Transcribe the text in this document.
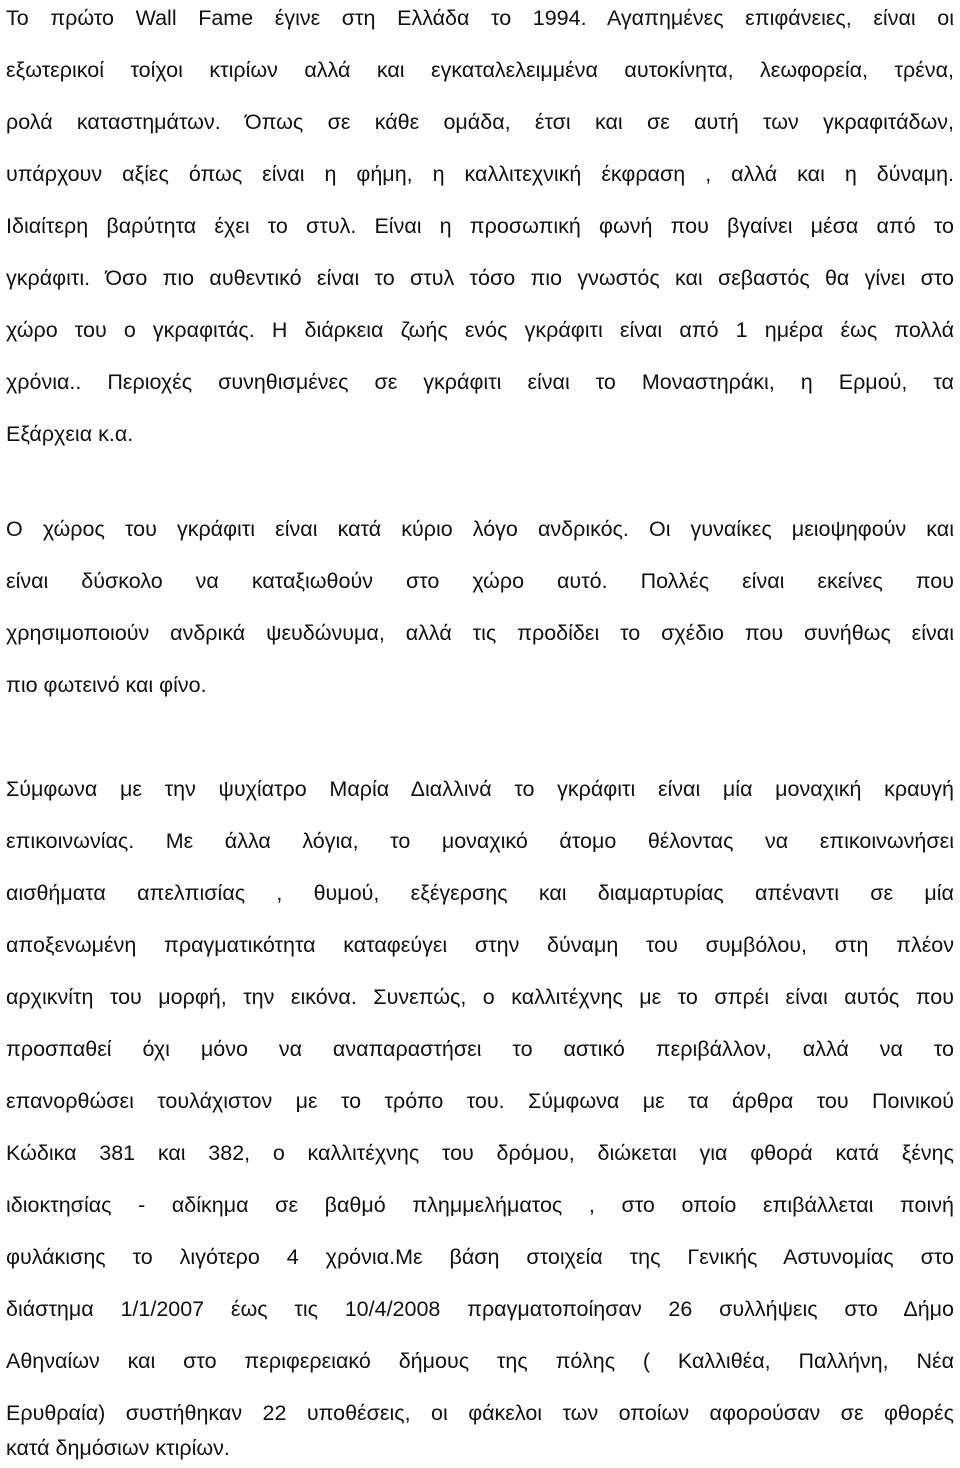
Το πρώτο Wall Fame έγινε στη Ελλάδα το 1994. Αγαπημένες επιφάνειες, είναι οι
εξωτερικοί τοίχοι κτιρίων αλλά και εγκαταλελειμμένα αυτοκίνητα, λεωφορεία, τρένα,
ρολά καταστημάτων. Όπως σε κάθε ομάδα, έτσι και σε αυτή των γκραφιτάδων,
υπάρχουν αξίες όπως είναι η φήμη, η καλλιτεχνική έκφραση , αλλά και η δύναμη.
Ιδιαίτερη βαρύτητα έχει το στυλ. Είναι η προσωπική φωνή που βγαίνει μέσα από το
γκράφιτι. Όσο πιο αυθεντικό είναι το στυλ τόσο πιο γνωστός και σεβαστός θα γίνει στο
χώρο του ο γκραφιτάς. Η διάρκεια ζωής ενός γκράφιτι είναι από 1 ημέρα έως πολλά
χρόνια.. Περιοχές συνηθισμένες σε γκράφιτι είναι το Μοναστηράκι, η Ερμού, τα
Εξάρχεια κ.α.
Ο χώρος του γκράφιτι είναι κατά κύριο λόγο ανδρικός. Οι γυναίκες μειοψηφούν και
είναι δύσκολο να καταξιωθούν στο χώρο αυτό. Πολλές είναι εκείνες που
χρησιμοποιούν ανδρικά ψευδώνυμα, αλλά τις προδίδει το σχέδιο που συνήθως είναι
πιο φωτεινό και φίνο.
Σύμφωνα με την ψυχίατρο Μαρία Διαλλινά το γκράφιτι είναι μία μοναχική κραυγή
επικοινωνίας. Με άλλα λόγια, το μοναχικό άτομο θέλοντας να επικοινωνήσει
αισθήματα απελπισίας , θυμού, εξέγερσης και διαμαρτυρίας απέναντι σε μία
αποξενωμένη πραγματικότητα καταφεύγει στην δύναμη του συμβόλου, στη πλέον
αρχικνίτη του μορφή, την εικόνα. Συνεπώς, ο καλλιτέχνης με το σπρέι είναι αυτός που
προσπαθεί όχι μόνο να αναπαραστήσει το αστικό περιβάλλον, αλλά να το
επανορθώσει τουλάχιστον με το τρόπο του. Σύμφωνα με τα άρθρα του Ποινικού
Κώδικα 381 και 382, ο καλλιτέχνης του δρόμου, διώκεται για φθορά κατά ξένης
ιδιοκτησίας - αδίκημα σε βαθμό πλημμελήματος , στο οποίο επιβάλλεται ποινή
φυλάκισης το λιγότερο 4 χρόνια.Με βάση στοιχεία της Γενικής Αστυνομίας στο
διάστημα 1/1/2007 έως τις 10/4/2008 πραγματοποίησαν 26 συλλήψεις στο Δήμο
Αθηναίων και στο περιφερειακό δήμους της πόλης ( Καλλιθέα, Παλλήνη, Νέα
Ερυθραία) συστήθηκαν 22 υποθέσεις, οι φάκελοι των οποίων αφορούσαν σε φθορές
κατά δημόσιων κτιρίων.
